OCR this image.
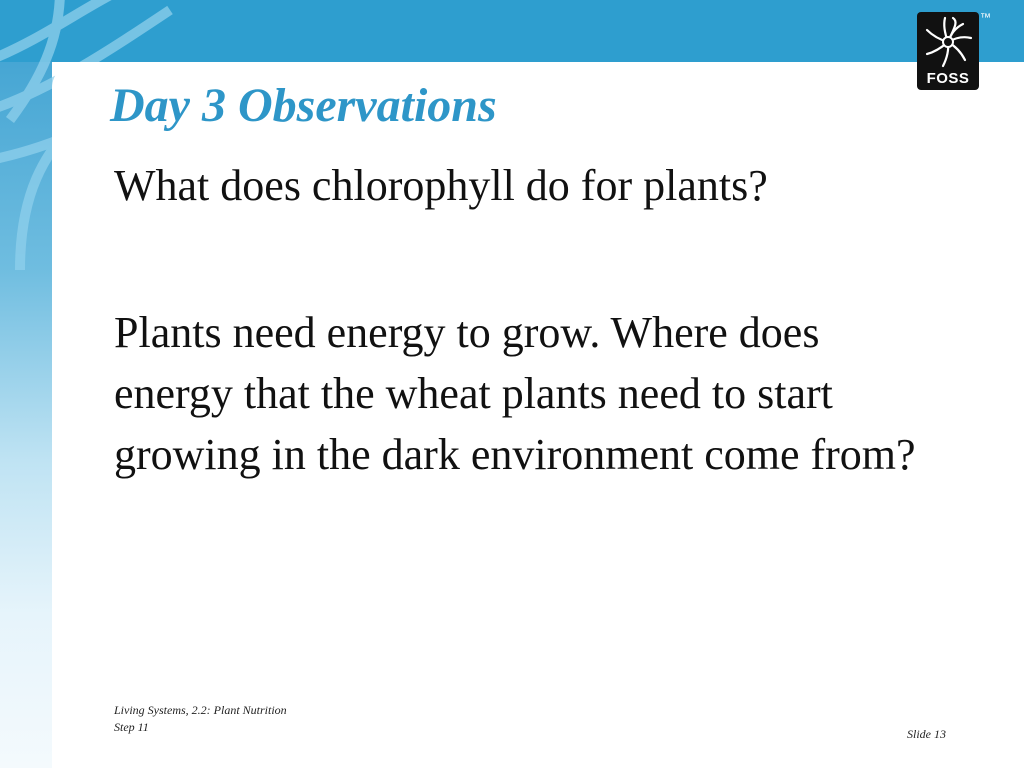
FOSS
™
Day 3 Observations

What does chlorophyll do for plants?

Plants need energy to grow. Where does energy that the wheat plants need to start growing in the dark environment come from?

Living Systems, 2.2: Plant Nutrition
Step 11	Slide 13
